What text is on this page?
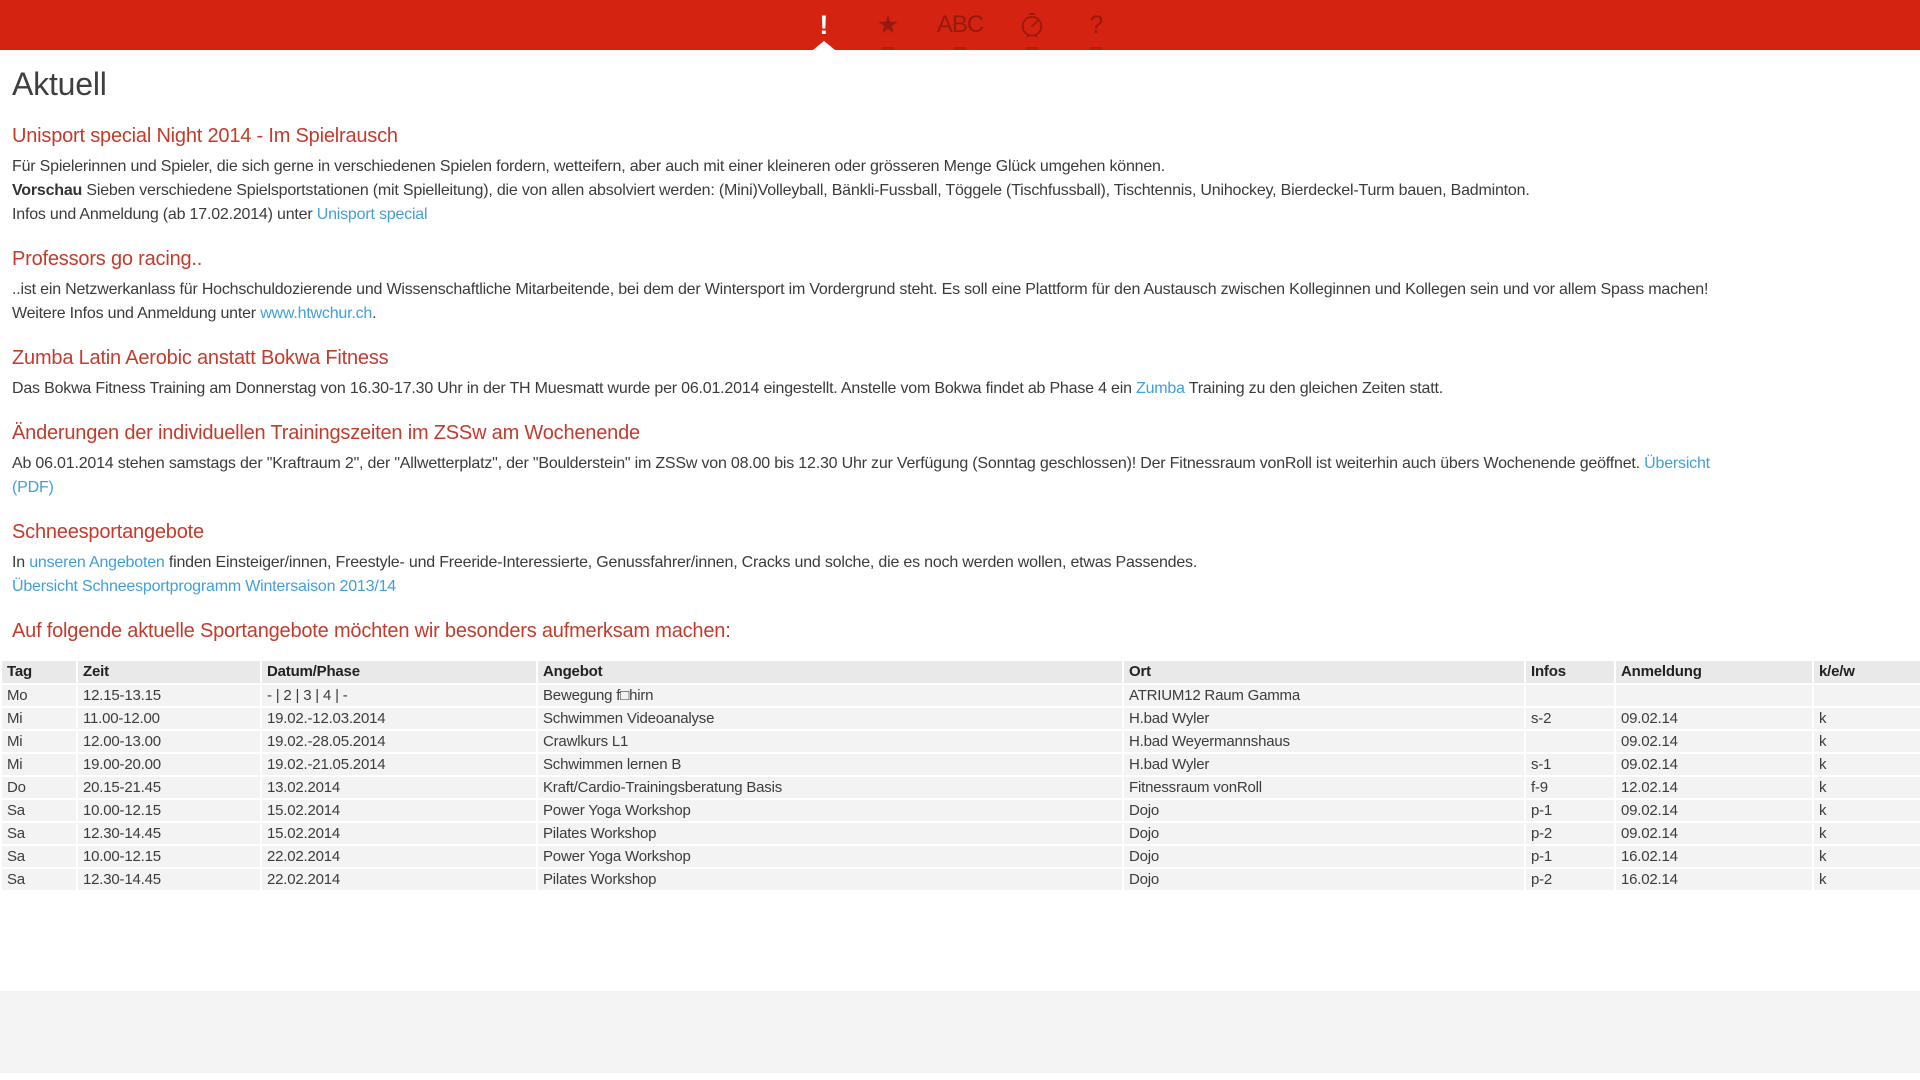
! ★ ABC	?
Aktuell
Unisport special Night 2014 - Im Spielrausch
Für Spielerinnen und Spieler, die sich gerne in verschiedenen Spielen fordern, wetteifern, aber auch mit einer kleineren oder grösseren Menge Glück umgehen können.
Vorschau Sieben verschiedene Spielsportstationen (mit Spielleitung), die von allen absolviert werden: (Mini)Volleyball, Bänkli-Fussball, Töggele (Tischfussball), Tischtennis, Unihockey, Bierdeckel-Turm bauen, Badminton.
Infos und Anmeldung (ab 17.02.2014) unter Unisport special
Professors go racing..
..ist ein Netzwerkanlass für Hochschuldozierende und Wissenschaftliche Mitarbeitende, bei dem der Wintersport im Vordergrund steht. Es soll eine Plattform für den Austausch zwischen Kolleginnen und Kollegen sein und vor allem Spass machen!
Weitere Infos und Anmeldung unter www.htwchur.ch.
Zumba Latin Aerobic anstatt Bokwa Fitness
Das Bokwa Fitness Training am Donnerstag von 16.30-17.30 Uhr in der TH Muesmatt wurde per 06.01.2014 eingestellt. Anstelle vom Bokwa findet ab Phase 4 ein Zumba Training zu den gleichen Zeiten statt.
Änderungen der individuellen Trainingszeiten im ZSSw am Wochenende
Ab 06.01.2014 stehen samstags der "Kraftraum 2", der "Allwetterplatz", der "Boulderstein" im ZSSw von 08.00 bis 12.30 Uhr zur Verfügung (Sonntag geschlossen)! Der Fitnessraum vonRoll ist weiterhin auch übers Wochenende geöffnet. Übersicht
(PDF)
Schneesportangebote
In unseren Angeboten finden Einsteiger/innen, Freestyle- und Freeride-Interessierte, Genussfahrer/innen, Cracks und solche, die es noch werden wollen, etwas Passendes.
Übersicht Schneesportprogramm Wintersaison 2013/14
Auf folgende aktuelle Sportangebote möchten wir besonders aufmerksam machen:
Tag	Zeit	Datum/Phase	Angebot	Ort	Infos	Anmeldung	k/e/w
Mo	12.15-13.15	- | 2 | 3 | 4 | -	Bewegung f□hirn	ATRIUM12 Raum Gamma			
Mi	11.00-12.00	19.02.-12.03.2014	Schwimmen Videoanalyse	H.bad Wyler	s-2	09.02.14	k
Mi	12.00-13.00	19.02.-28.05.2014	Crawlkurs L1	H.bad Weyermannshaus		09.02.14	k
Mi	19.00-20.00	19.02.-21.05.2014	Schwimmen lernen B	H.bad Wyler	s-1	09.02.14	k
Do	20.15-21.45	13.02.2014	Kraft/Cardio-Trainingsberatung Basis	Fitnessraum vonRoll	f-9	12.02.14	k
Sa	10.00-12.15	15.02.2014	Power Yoga Workshop	Dojo	p-1	09.02.14	k
Sa	12.30-14.45	15.02.2014	Pilates Workshop	Dojo	p-2	09.02.14	k
Sa	10.00-12.15	22.02.2014	Power Yoga Workshop	Dojo	p-1	16.02.14	k
Sa	12.30-14.45	22.02.2014	Pilates Workshop	Dojo	p-2	16.02.14	k
